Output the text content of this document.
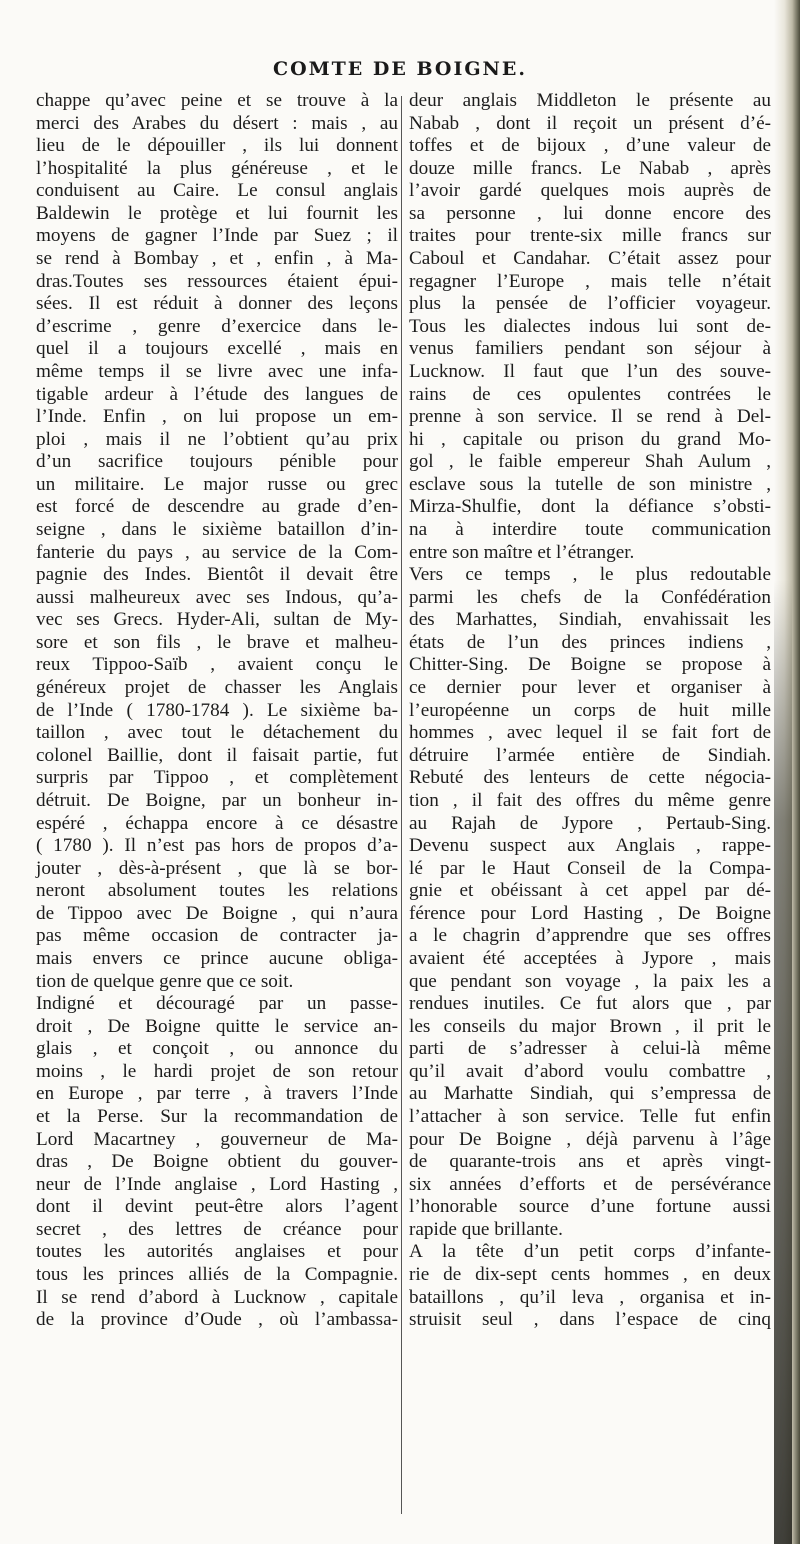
COMTE DE BOIGNE.
chappe qu’avec peine et se trouve à la
merci des Arabes du désert : mais , au
lieu de le dépouiller , ils lui donnent
l’hospitalité la plus généreuse , et le
conduisent au Caire. Le consul anglais
Baldewin le protège et lui fournit les
moyens de gagner l’Inde par Suez ; il
se rend à Bombay , et , enfin , à Ma-
dras.Toutes ses ressources étaient épui-
sées. Il est réduit à donner des leçons
d’escrime , genre d’exercice dans le-
quel il a toujours excellé , mais en
même temps il se livre avec une infa-
tigable ardeur à l’étude des langues de
l’Inde. Enfin , on lui propose un em-
ploi , mais il ne l’obtient qu’au prix
d’un sacrifice toujours pénible pour
un militaire. Le major russe ou grec
est forcé de descendre au grade d’en-
seigne , dans le sixième bataillon d’in-
fanterie du pays , au service de la Com-
pagnie des Indes. Bientôt il devait être
aussi malheureux avec ses Indous, qu’a-
vec ses Grecs. Hyder-Ali, sultan de My-
sore et son fils , le brave et malheu-
reux Tippoo-Saïb , avaient conçu le
généreux projet de chasser les Anglais
de l’Inde ( 1780-1784 ). Le sixième ba-
taillon , avec tout le détachement du
colonel Baillie, dont il faisait partie, fut
surpris par Tippoo , et complètement
détruit. De Boigne, par un bonheur in-
espéré , échappa encore à ce désastre
( 1780 ). Il n’est pas hors de propos d’a-
jouter , dès-à-présent , que là se bor-
neront absolument toutes les relations
de Tippoo avec De Boigne , qui n’aura
pas même occasion de contracter ja-
mais envers ce prince aucune obliga-
tion de quelque genre que ce soit.
Indigné et découragé par un passe-
droit , De Boigne quitte le service an-
glais , et conçoit , ou annonce du
moins , le hardi projet de son retour
en Europe , par terre , à travers l’Inde
et la Perse. Sur la recommandation de
Lord Macartney , gouverneur de Ma-
dras , De Boigne obtient du gouver-
neur de l’Inde anglaise , Lord Hasting ,
dont il devint peut-être alors l’agent
secret , des lettres de créance pour
toutes les autorités anglaises et pour
tous les princes alliés de la Compagnie.
Il se rend d’abord à Lucknow , capitale
de la province d’Oude , où l’ambassa-
deur anglais Middleton le présente au
Nabab , dont il reçoit un présent d’é-
toffes et de bijoux , d’une valeur de
douze mille francs. Le Nabab , après
l’avoir gardé quelques mois auprès de
sa personne , lui donne encore des
traites pour trente-six mille francs sur
Caboul et Candahar. C’était assez pour
regagner l’Europe , mais telle n’était
plus la pensée de l’officier voyageur.
Tous les dialectes indous lui sont de-
venus familiers pendant son séjour à
Lucknow. Il faut que l’un des souve-
rains de ces opulentes contrées le
prenne à son service. Il se rend à Del-
hi , capitale ou prison du grand Mo-
gol , le faible empereur Shah Aulum ,
esclave sous la tutelle de son ministre ,
Mirza-Shulfie, dont la défiance s’obsti-
na à interdire toute communication
entre son maître et l’étranger.
Vers ce temps , le plus redoutable
parmi les chefs de la Confédération
des Marhattes, Sindiah, envahissait les
états de l’un des princes indiens ,
Chitter-Sing. De Boigne se propose à
ce dernier pour lever et organiser à
l’européenne un corps de huit mille
hommes , avec lequel il se fait fort de
détruire l’armée entière de Sindiah.
Rebuté des lenteurs de cette négocia-
tion , il fait des offres du même genre
au Rajah de Jypore , Pertaub-Sing.
Devenu suspect aux Anglais , rappe-
lé par le Haut Conseil de la Compa-
gnie et obéissant à cet appel par dé-
férence pour Lord Hasting , De Boigne
a le chagrin d’apprendre que ses offres
avaient été acceptées à Jypore , mais
que pendant son voyage , la paix les a
rendues inutiles. Ce fut alors que , par
les conseils du major Brown , il prit le
parti de s’adresser à celui-là même
qu’il avait d’abord voulu combattre ,
au Marhatte Sindiah, qui s’empressa de
l’attacher à son service. Telle fut enfin
pour De Boigne , déjà parvenu à l’âge
de quarante-trois ans et après vingt-
six années d’efforts et de persévérance
l’honorable source d’une fortune aussi
rapide que brillante.
A la tête d’un petit corps d’infante-
rie de dix-sept cents hommes , en deux
bataillons , qu’il leva , organisa et in-
struisit seul , dans l’espace de cinq
